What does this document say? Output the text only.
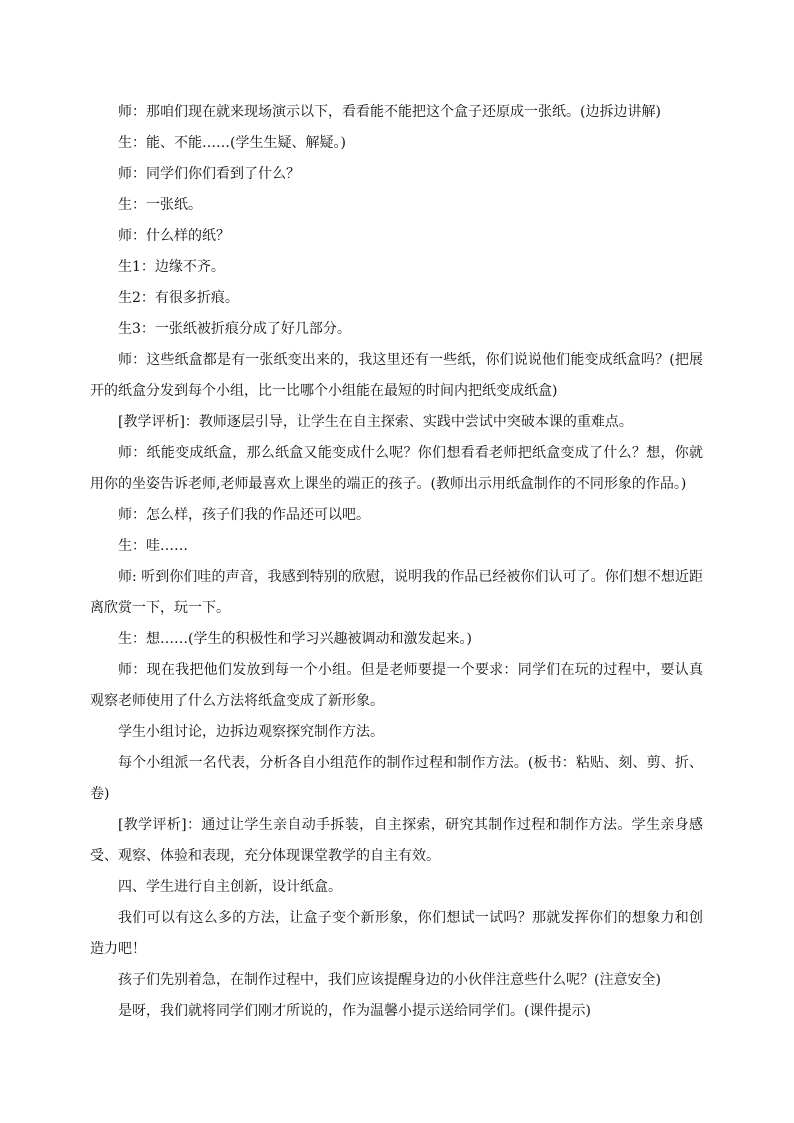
师：那咱们现在就来现场演示以下，看看能不能把这个盒子还原成一张纸。(边拆边讲解)

生：能、不能……(学生生疑、解疑。)

师：同学们你们看到了什么？

生：一张纸。

师：什么样的纸？

生1：边缘不齐。

生2：有很多折痕。

生3：一张纸被折痕分成了好几部分。

师：这些纸盒都是有一张纸变出来的，我这里还有一些纸，你们说说他们能变成纸盒吗？(把展开的纸盒分发到每个小组，比一比哪个小组能在最短的时间内把纸变成纸盒)

[教学评析]：教师逐层引导，让学生在自主探索、实践中尝试中突破本课的重难点。

师：纸能变成纸盒，那么纸盒又能变成什么呢？你们想看看老师把纸盒变成了什么？想，你就用你的坐姿告诉老师,老师最喜欢上课坐的端正的孩子。(教师出示用纸盒制作的不同形象的作品。)

师：怎么样，孩子们我的作品还可以吧。

生：哇……

师: 听到你们哇的声音，我感到特别的欣慰，说明我的作品已经被你们认可了。你们想不想近距离欣赏一下，玩一下。

生：想……(学生的积极性和学习兴趣被调动和激发起来。)

师：现在我把他们发放到每一个小组。但是老师要提一个要求：同学们在玩的过程中，要认真观察老师使用了什么方法将纸盒变成了新形象。

学生小组讨论，边拆边观察探究制作方法。

每个小组派一名代表，分析各自小组范作的制作过程和制作方法。(板书：粘贴、刻、剪、折、卷)

[教学评析]：通过让学生亲自动手拆装，自主探索，研究其制作过程和制作方法。学生亲身感受、观察、体验和表现，充分体现课堂教学的自主有效。

四、学生进行自主创新，设计纸盒。

我们可以有这么多的方法，让盒子变个新形象，你们想试一试吗？那就发挥你们的想象力和创造力吧！

孩子们先别着急，在制作过程中，我们应该提醒身边的小伙伴注意些什么呢？(注意安全)

是呀，我们就将同学们刚才所说的，作为温馨小提示送给同学们。(课件提示)
